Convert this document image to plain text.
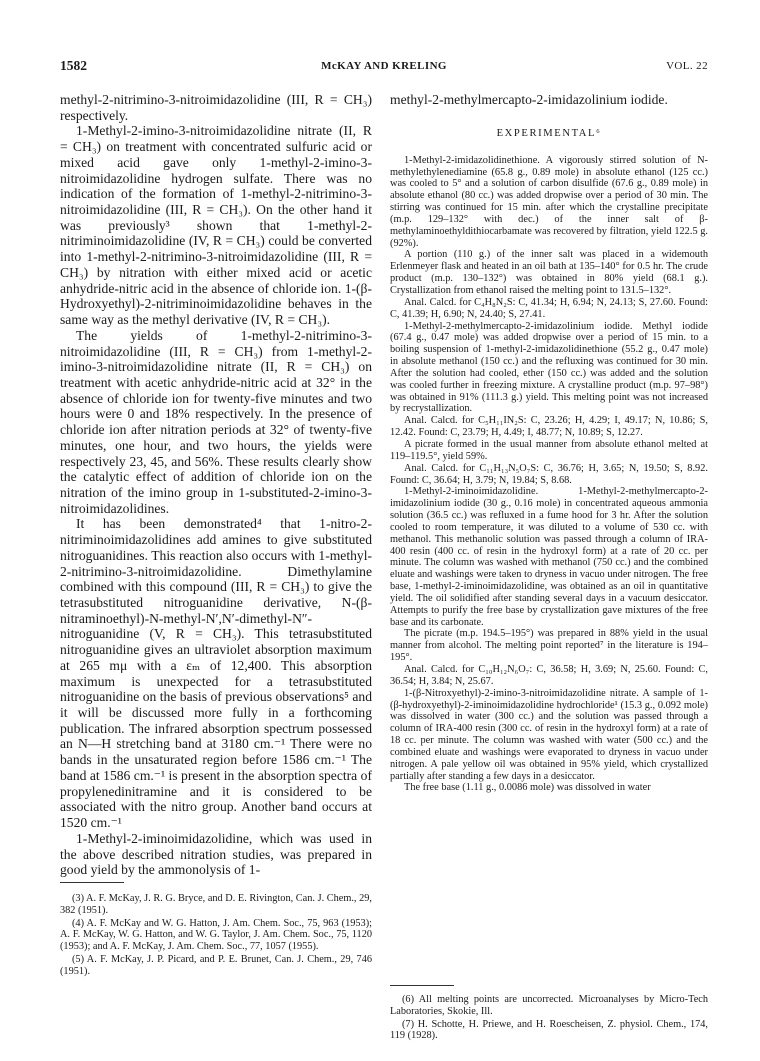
1582	McKAY AND KRELING	VOL. 22

methyl-2-nitrimino-3-nitroimidazolidine (III, R = CH₃) respectively.

1-Methyl-2-imino-3-nitroimidazolidine nitrate (II, R = CH₃) on treatment with concentrated sulfuric acid or mixed acid gave only 1-methyl-2-imino-3-nitroimidazolidine hydrogen sulfate. There was no indication of the formation of 1-methyl-2-nitrimino-3-nitroimidazolidine (III, R = CH₃). On the other hand it was previously³ shown that 1-methyl-2-nitriminoimidazolidine (IV, R = CH₃) could be converted into 1-methyl-2-nitrimino-3-nitroimidazolidine (III, R = CH₃) by nitration with either mixed acid or acetic anhydride-nitric acid in the absence of chloride ion. 1-(β-Hydroxyethyl)-2-nitriminoimidazolidine behaves in the same way as the methyl derivative (IV, R = CH₃).

The yields of 1-methyl-2-nitrimino-3-nitroimidazolidine (III, R = CH₃) from 1-methyl-2-imino-3-nitroimidazolidine nitrate (II, R = CH₃) on treatment with acetic anhydride-nitric acid at 32° in the absence of chloride ion for twenty-five minutes and two hours were 0 and 18% respectively. In the presence of chloride ion after nitration periods at 32° of twenty-five minutes, one hour, and two hours, the yields were respectively 23, 45, and 56%. These results clearly show the catalytic effect of addition of chloride ion on the nitration of the imino group in 1-substituted-2-imino-3-nitroimidazolidines.

It has been demonstrated⁴ that 1-nitro-2-nitriminoimidazolidines add amines to give substituted nitroguanidines. This reaction also occurs with 1-methyl-2-nitrimino-3-nitroimidazolidine. Dimethylamine combined with this compound (III, R = CH₃) to give the tetrasubstituted nitroguanidine derivative, N-(β-nitraminoethyl)-N-methyl-N′,N′-dimethyl-N″-nitroguanidine (V, R = CH₃). This tetrasubstituted nitroguanidine gives an ultraviolet absorption maximum at 265 mμ with a εₘ of 12,400. This absorption maximum is unexpected for a tetrasubstituted nitroguanidine on the basis of previous observations⁵ and it will be discussed more fully in a forthcoming publication. The infrared absorption spectrum possessed an N—H stretching band at 3180 cm.⁻¹ There were no bands in the unsaturated region before 1586 cm.⁻¹ The band at 1586 cm.⁻¹ is present in the absorption spectra of propylenedinitramine and it is considered to be associated with the nitro group. Another band occurs at 1520 cm.⁻¹

1-Methyl-2-iminoimidazolidine, which was used in the above described nitration studies, was prepared in good yield by the ammonolysis of 1-

(3) A. F. McKay, J. R. G. Bryce, and D. E. Rivington, Can. J. Chem., 29, 382 (1951).

(4) A. F. McKay and W. G. Hatton, J. Am. Chem. Soc., 75, 963 (1953); A. F. McKay, W. G. Hatton, and W. G. Taylor, J. Am. Chem. Soc., 75, 1120 (1953); and A. F. McKay, J. Am. Chem. Soc., 77, 1057 (1955).

(5) A. F. McKay, J. P. Picard, and P. E. Brunet, Can. J. Chem., 29, 746 (1951).

methyl-2-methylmercapto-2-imidazolinium iodide.

EXPERIMENTAL⁶

1-Methyl-2-imidazolidinethione. A vigorously stirred solution of N-methylethylenediamine (65.8 g., 0.89 mole) in absolute ethanol (125 cc.) was cooled to 5° and a solution of carbon disulfide (67.6 g., 0.89 mole) in absolute ethanol (80 cc.) was added dropwise over a period of 30 min. The stirring was continued for 15 min. after which the crystalline precipitate (m.p. 129–132° with dec.) of the inner salt of β-methylaminoethyldithiocarbamate was recovered by filtration, yield 122.5 g. (92%).

A portion (110 g.) of the inner salt was placed in a widemouth Erlenmeyer flask and heated in an oil bath at 135–140° for 0.5 hr. The crude product (m.p. 130–132°) was obtained in 80% yield (68.1 g.). Crystallization from ethanol raised the melting point to 131.5–132°.

Anal. Calcd. for C₄H₈N₂S: C, 41.34; H, 6.94; N, 24.13; S, 27.60. Found: C, 41.39; H, 6.90; N, 24.40; S, 27.41.

1-Methyl-2-methylmercapto-2-imidazolinium iodide. Methyl iodide (67.4 g., 0.47 mole) was added dropwise over a period of 15 min. to a boiling suspension of 1-methyl-2-imidazolidinethione (55.2 g., 0.47 mole) in absolute methanol (150 cc.) and the refluxing was continued for 30 min. After the solution had cooled, ether (150 cc.) was added and the solution was cooled further in freezing mixture. A crystalline product (m.p. 97–98°) was obtained in 91% (111.3 g.) yield. This melting point was not increased by recrystallization.

Anal. Calcd. for C₅H₁₁IN₂S: C, 23.26; H, 4.29; I, 49.17; N, 10.86; S, 12.42. Found: C, 23.79; H, 4.49; I, 48.77; N, 10.89; S, 12.27.

A picrate formed in the usual manner from absolute ethanol melted at 119–119.5°, yield 59%.

Anal. Calcd. for C₁₁H₁₃N₅O₇S: C, 36.76; H, 3.65; N, 19.50; S, 8.92. Found: C, 36.64; H, 3.79; N, 19.84; S, 8.68.

1-Methyl-2-iminoimidazolidine. 1-Methyl-2-methylmercapto-2-imidazolinium iodide (30 g., 0.16 mole) in concentrated aqueous ammonia solution (36.5 cc.) was refluxed in a fume hood for 3 hr. After the solution cooled to room temperature, it was diluted to a volume of 530 cc. with methanol. This methanolic solution was passed through a column of IRA-400 resin (400 cc. of resin in the hydroxyl form) at a rate of 20 cc. per minute. The column was washed with methanol (750 cc.) and the combined eluate and washings were taken to dryness in vacuo under nitrogen. The free base, 1-methyl-2-iminoimidazolidine, was obtained as an oil in quantitative yield. The oil solidified after standing several days in a vacuum desiccator. Attempts to purify the free base by crystallization gave mixtures of the free base and its carbonate.

The picrate (m.p. 194.5–195°) was prepared in 88% yield in the usual manner from alcohol. The melting point reported⁷ in the literature is 194–195°.

Anal. Calcd. for C₁₀H₁₂N₆O₇: C, 36.58; H, 3.69; N, 25.60. Found: C, 36.54; H, 3.84; N, 25.67.

1-(β-Nitroxyethyl)-2-imino-3-nitroimidazolidine nitrate. A sample of 1-(β-hydroxyethyl)-2-iminoimidazolidine hydrochloride¹ (15.3 g., 0.092 mole) was dissolved in water (300 cc.) and the solution was passed through a column of IRA-400 resin (300 cc. of resin in the hydroxyl form) at a rate of 18 cc. per minute. The column was washed with water (500 cc.) and the combined eluate and washings were evaporated to dryness in vacuo under nitrogen. A pale yellow oil was obtained in 95% yield, which crystallized partially after standing a few days in a desiccator.

The free base (1.11 g., 0.0086 mole) was dissolved in water

(6) All melting points are uncorrected. Microanalyses by Micro-Tech Laboratories, Skokie, Ill.

(7) H. Schotte, H. Priewe, and H. Roescheisen, Z. physiol. Chem., 174, 119 (1928).
